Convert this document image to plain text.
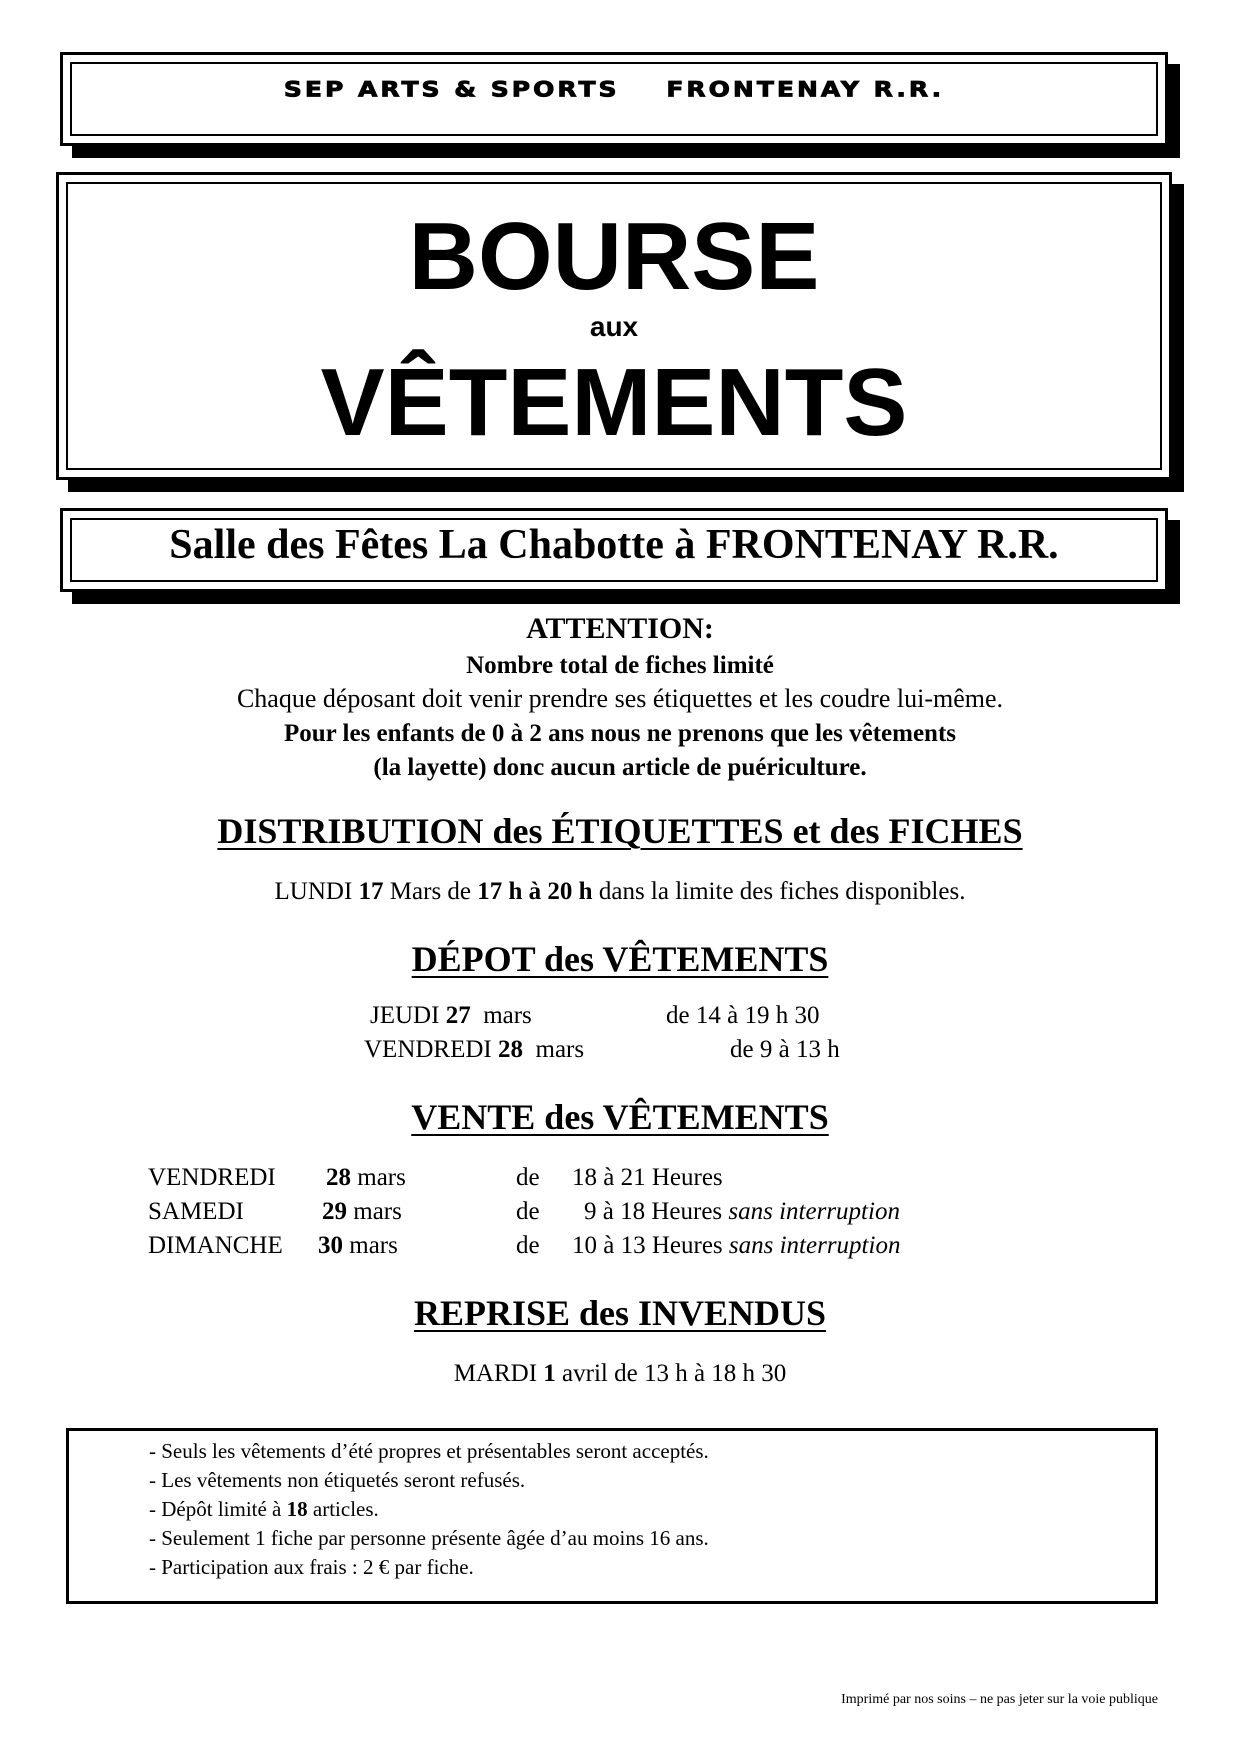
SEP ARTS & SPORTS    FRONTENAY R.R.
BOURSE
aux
VÊTEMENTS
Salle des Fêtes La Chabotte à FRONTENAY R.R.
ATTENTION:
Nombre total de fiches limité
Chaque déposant doit venir prendre ses étiquettes et les coudre lui-même.
Pour les enfants de 0 à 2 ans nous ne prenons que les vêtements
(la layette) donc aucun article de puériculture.
DISTRIBUTION des ÉTIQUETTES et des FICHES
LUNDI 17 Mars de 17 h à 20 h dans la limite des fiches disponibles.
DÉPOT des VÊTEMENTS
JEUDI 27 mars	de 14 à 19 h 30
VENDREDI 28 mars	de 9 à 13 h
VENTE des VÊTEMENTS
VENDREDI 28 mars	de 18 à 21 Heures
SAMEDI	29 mars	de 9 à 18 Heures sans interruption
DIMANCHE 30 mars	de 10 à 13 Heures sans interruption
REPRISE des INVENDUS
MARDI 1 avril de 13 h à 18 h 30
- Seuls les vêtements d’été propres et présentables seront acceptés.
- Les vêtements non étiquetés seront refusés.
- Dépôt limité à 18 articles.
- Seulement 1 fiche par personne présente âgée d’au moins 16 ans.
- Participation aux frais : 2 € par fiche.
Imprimé par nos soins – ne pas jeter sur la voie publique
